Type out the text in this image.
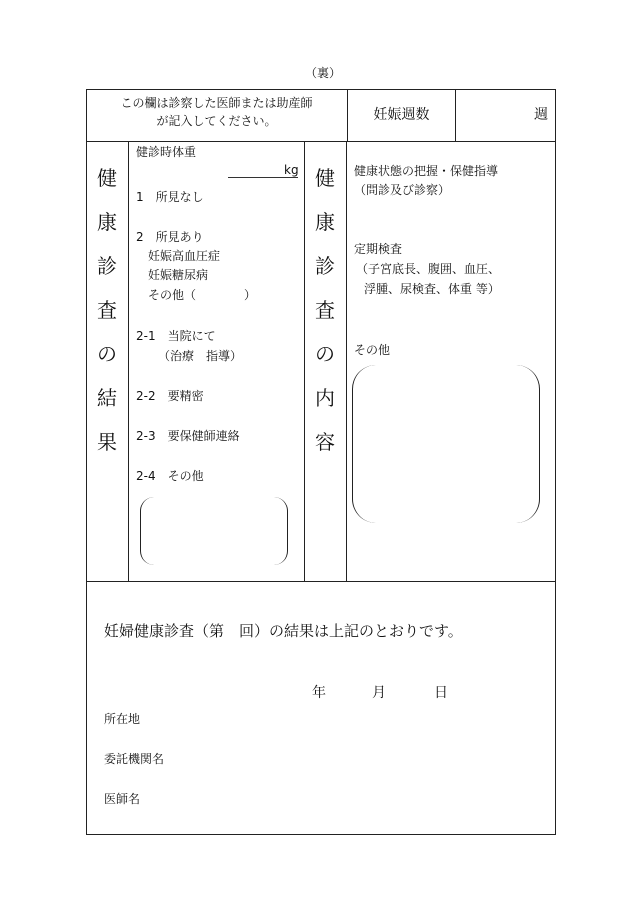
（裏）
この欄は診察した医師または助産師
が記入してください。	妊娠週数	週
健
康
診
査
の
結
果
健診時体重
kg
1　所見なし
2　所見あり
妊娠高血圧症
妊娠糖尿病
その他（　　　　）
2-1　当院にて
（治療　指導）
2-2　要精密
2-3　要保健師連絡
2-4　その他
健
康
診
査
の
内
容
健康状態の把握・保健指導
（問診及び診察）
定期検査
（子宮底長、腹囲、血圧、
浮腫、尿検査、体重 等）
その他
妊婦健康診査（第　回）の結果は上記のとおりです。
年	月	日
所在地
委託機関名
医師名
